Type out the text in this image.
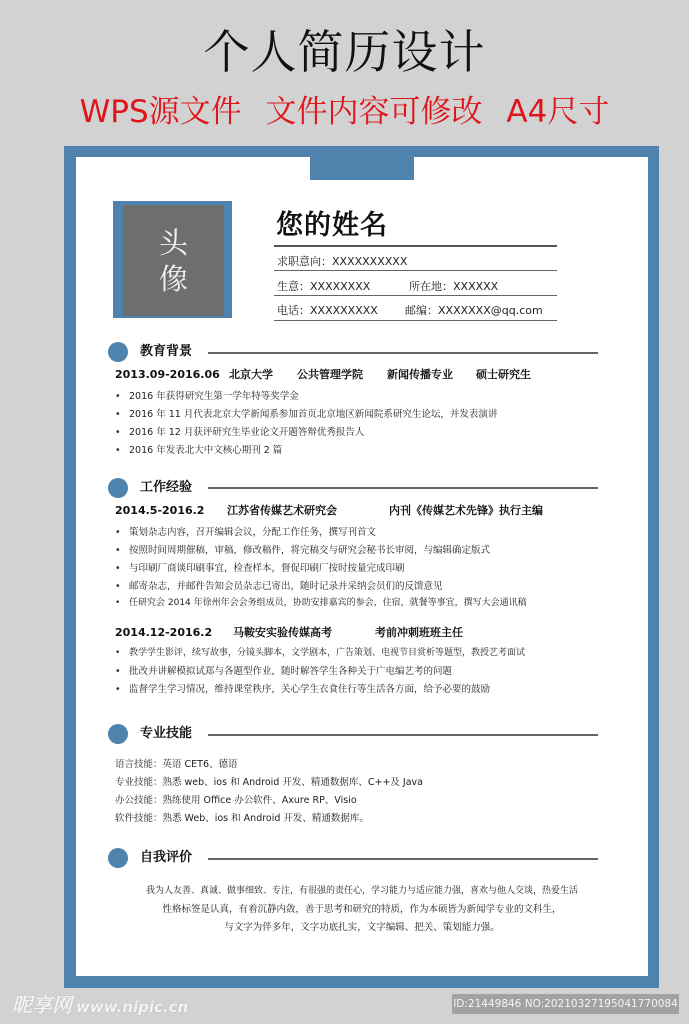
个人简历设计
WPS源文件 文件内容可修改 A4尺寸
头
像
您的姓名
求职意向：XXXXXXXXXX
生意：XXXXXXXX	所在地：XXXXXX
电话：XXXXXXXXX 邮编：XXXXXXX@qq.com
教育背景
2013.09-2016.06 北京大学 公共管理学院 新闻传播专业 硕士研究生
• 2016 年获得研究生第一学年特等奖学金
• 2016 年 11 月代表北京大学新闻系参加首页北京地区新闻院系研究生论坛，并发表演讲
• 2016 年 12 月获评研究生毕业论文开题答辩优秀报告人
• 2016 年发表北大中文核心期刊 2 篇
工作经验
2014.5-2016.2 江苏省传媒艺术研究会	内刊《传媒艺术先锋》执行主编
• 策划杂志内容，召开编辑会议，分配工作任务，撰写刊首文
• 按照时间周期催稿，审稿，修改稿件，将完稿交与研究会秘书长审阅，与编辑确定版式
• 与印刷厂商谈印刷事宜，检查样本，督促印刷厂按时按量完成印刷
• 邮寄杂志，并邮件告知会员杂志已寄出，随时记录并采纳会员们的反馈意见
• 任研究会 2014 年徐州年会会务组成员，协助安排嘉宾的参会，住宿，就餐等事宜，撰写大会通讯稿
2014.12-2016.2 马鞍安实验传媒高考	考前冲刺班班主任
• 教学学生影评，续写故事，分镜头脚本，文学剧本，广告策划、电视节目赏析等题型，教授艺考面试
• 批改并讲解模拟试郑与各题型作业，随时解答学生各种关于广电编艺考的问题
• 监督学生学习情况，维持课堂秩序，关心学生衣食住行等生活各方面，给予必要的鼓励
专业技能
语言技能：英语 CET6、德语
专业技能：熟悉 web、ios 和 Android 开发、精通数据库、C++及 Java
办公技能：熟练使用 Office 办公软件、Axure RP、Visio
软件技能：熟悉 Web、ios 和 Android 开发、精通数据库。
自我评价
我为人友善、真诚、做事细致、专注，有很强的责任心，学习能力与适应能力强，喜欢与他人交谈，热爱生活
性格标签是认真，有着沉静内敛，善于思考和研究的特质，作为本硕皆为新闻学专业的文科生，
与文字为伴多年，文字功底扎实，文字编辑、把关、策划能力强。
昵享网 www.nipic.cn	ID:21449846 NO:20210327195041770084
